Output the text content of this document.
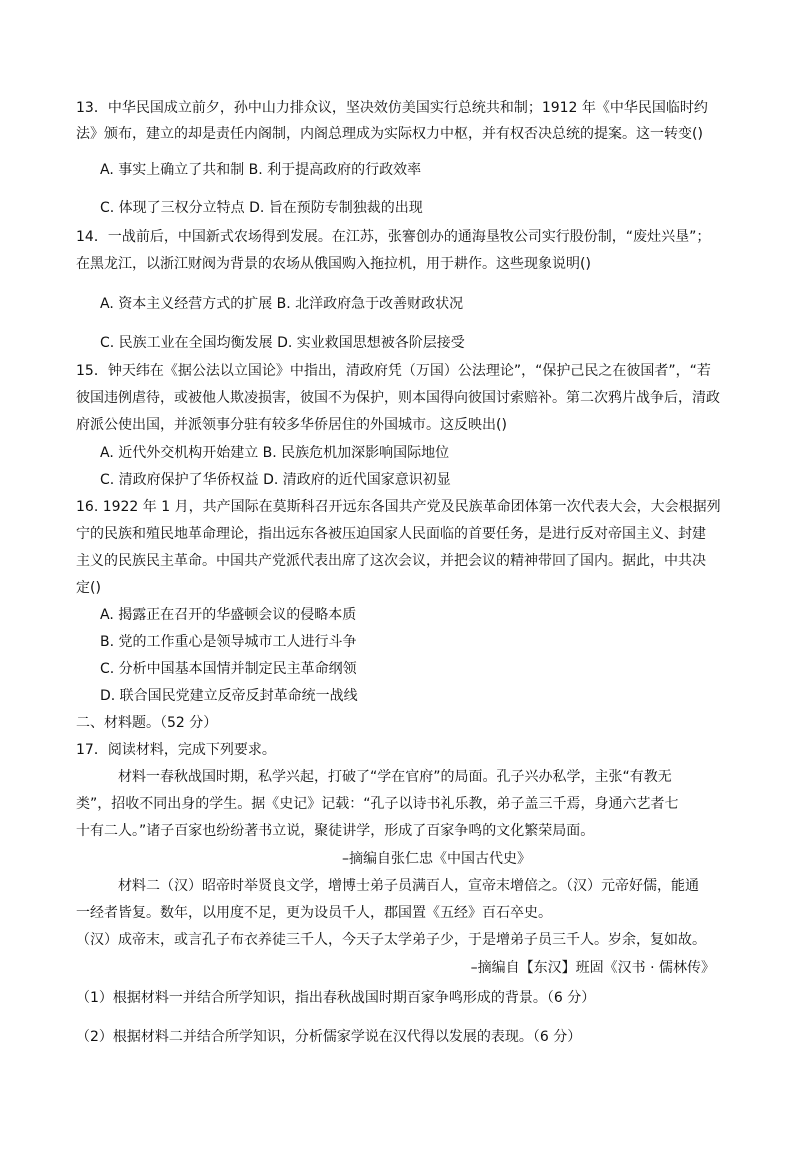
13．中华民国成立前夕，孙中山力排众议，坚决效仿美国实行总统共和制；1912 年《中华民国临时约
法》颁布，建立的却是责任内阁制，内阁总理成为实际权力中枢，并有权否决总统的提案。这一转变()
A. 事实上确立了共和制 B. 利于提高政府的行政效率
C. 体现了三权分立特点 D. 旨在预防专制独裁的出现
14．一战前后，中国新式农场得到发展。在江苏，张謇创办的通海垦牧公司实行股份制，“废灶兴垦”；
在黑龙江，以浙江财阀为背景的农场从俄国购入拖拉机，用于耕作。这些现象说明()
A. 资本主义经营方式的扩展 B. 北洋政府急于改善财政状况
C. 民族工业在全国均衡发展 D. 实业救国思想被各阶层接受
15．钟天纬在《据公法以立国论》中指出，清政府凭（万国）公法理论”，“保护己民之在彼国者”，“若
彼国违例虐待，或被他人欺凌损害，彼国不为保护，则本国得向彼国讨索赔补。第二次鸦片战争后，清政
府派公使出国，并派领事分驻有较多华侨居住的外国城市。这反映出()
A. 近代外交机构开始建立 B. 民族危机加深影响国际地位
C. 清政府保护了华侨权益 D. 清政府的近代国家意识初显
16. 1922 年 1 月，共产国际在莫斯科召开远东各国共产党及民族革命团体第一次代表大会，大会根据列
宁的民族和殖民地革命理论，指出远东各被压迫国家人民面临的首要任务，是进行反对帝国主义、封建
主义的民族民主革命。中国共产党派代表出席了这次会议，并把会议的精神带回了国内。据此，中共决
定()
A. 揭露正在召开的华盛顿会议的侵略本质
B. 党的工作重心是领导城市工人进行斗争
C. 分析中国基本国情并制定民主革命纲领
D. 联合国民党建立反帝反封革命统一战线
二、材料题。（52 分）
17．阅读材料，完成下列要求。
材料一春秋战国时期，私学兴起，打破了“学在官府”的局面。孔子兴办私学，主张“有教无
类”，招收不同出身的学生。据《史记》记载：“孔子以诗书礼乐教，弟子盖三千焉，身通六艺者七
十有二人。”诸子百家也纷纷著书立说，聚徒讲学，形成了百家争鸣的文化繁荣局面。
–摘编自张仁忠《中国古代史》
材料二（汉）昭帝时举贤良文学，增博士弟子员满百人，宣帝末增倍之。（汉）元帝好儒，能通
一经者皆复。数年，以用度不足，更为设员千人，郡国置《五经》百石卒史。
（汉）成帝末，或言孔子布衣养徒三千人，今天子太学弟子少，于是增弟子员三千人。岁余，复如故。
–摘编自【东汉】班固《汉书 · 儒林传》
（1）根据材料一并结合所学知识，指出春秋战国时期百家争鸣形成的背景。（6 分）
（2）根据材料二并结合所学知识，分析儒家学说在汉代得以发展的表现。（6 分）
